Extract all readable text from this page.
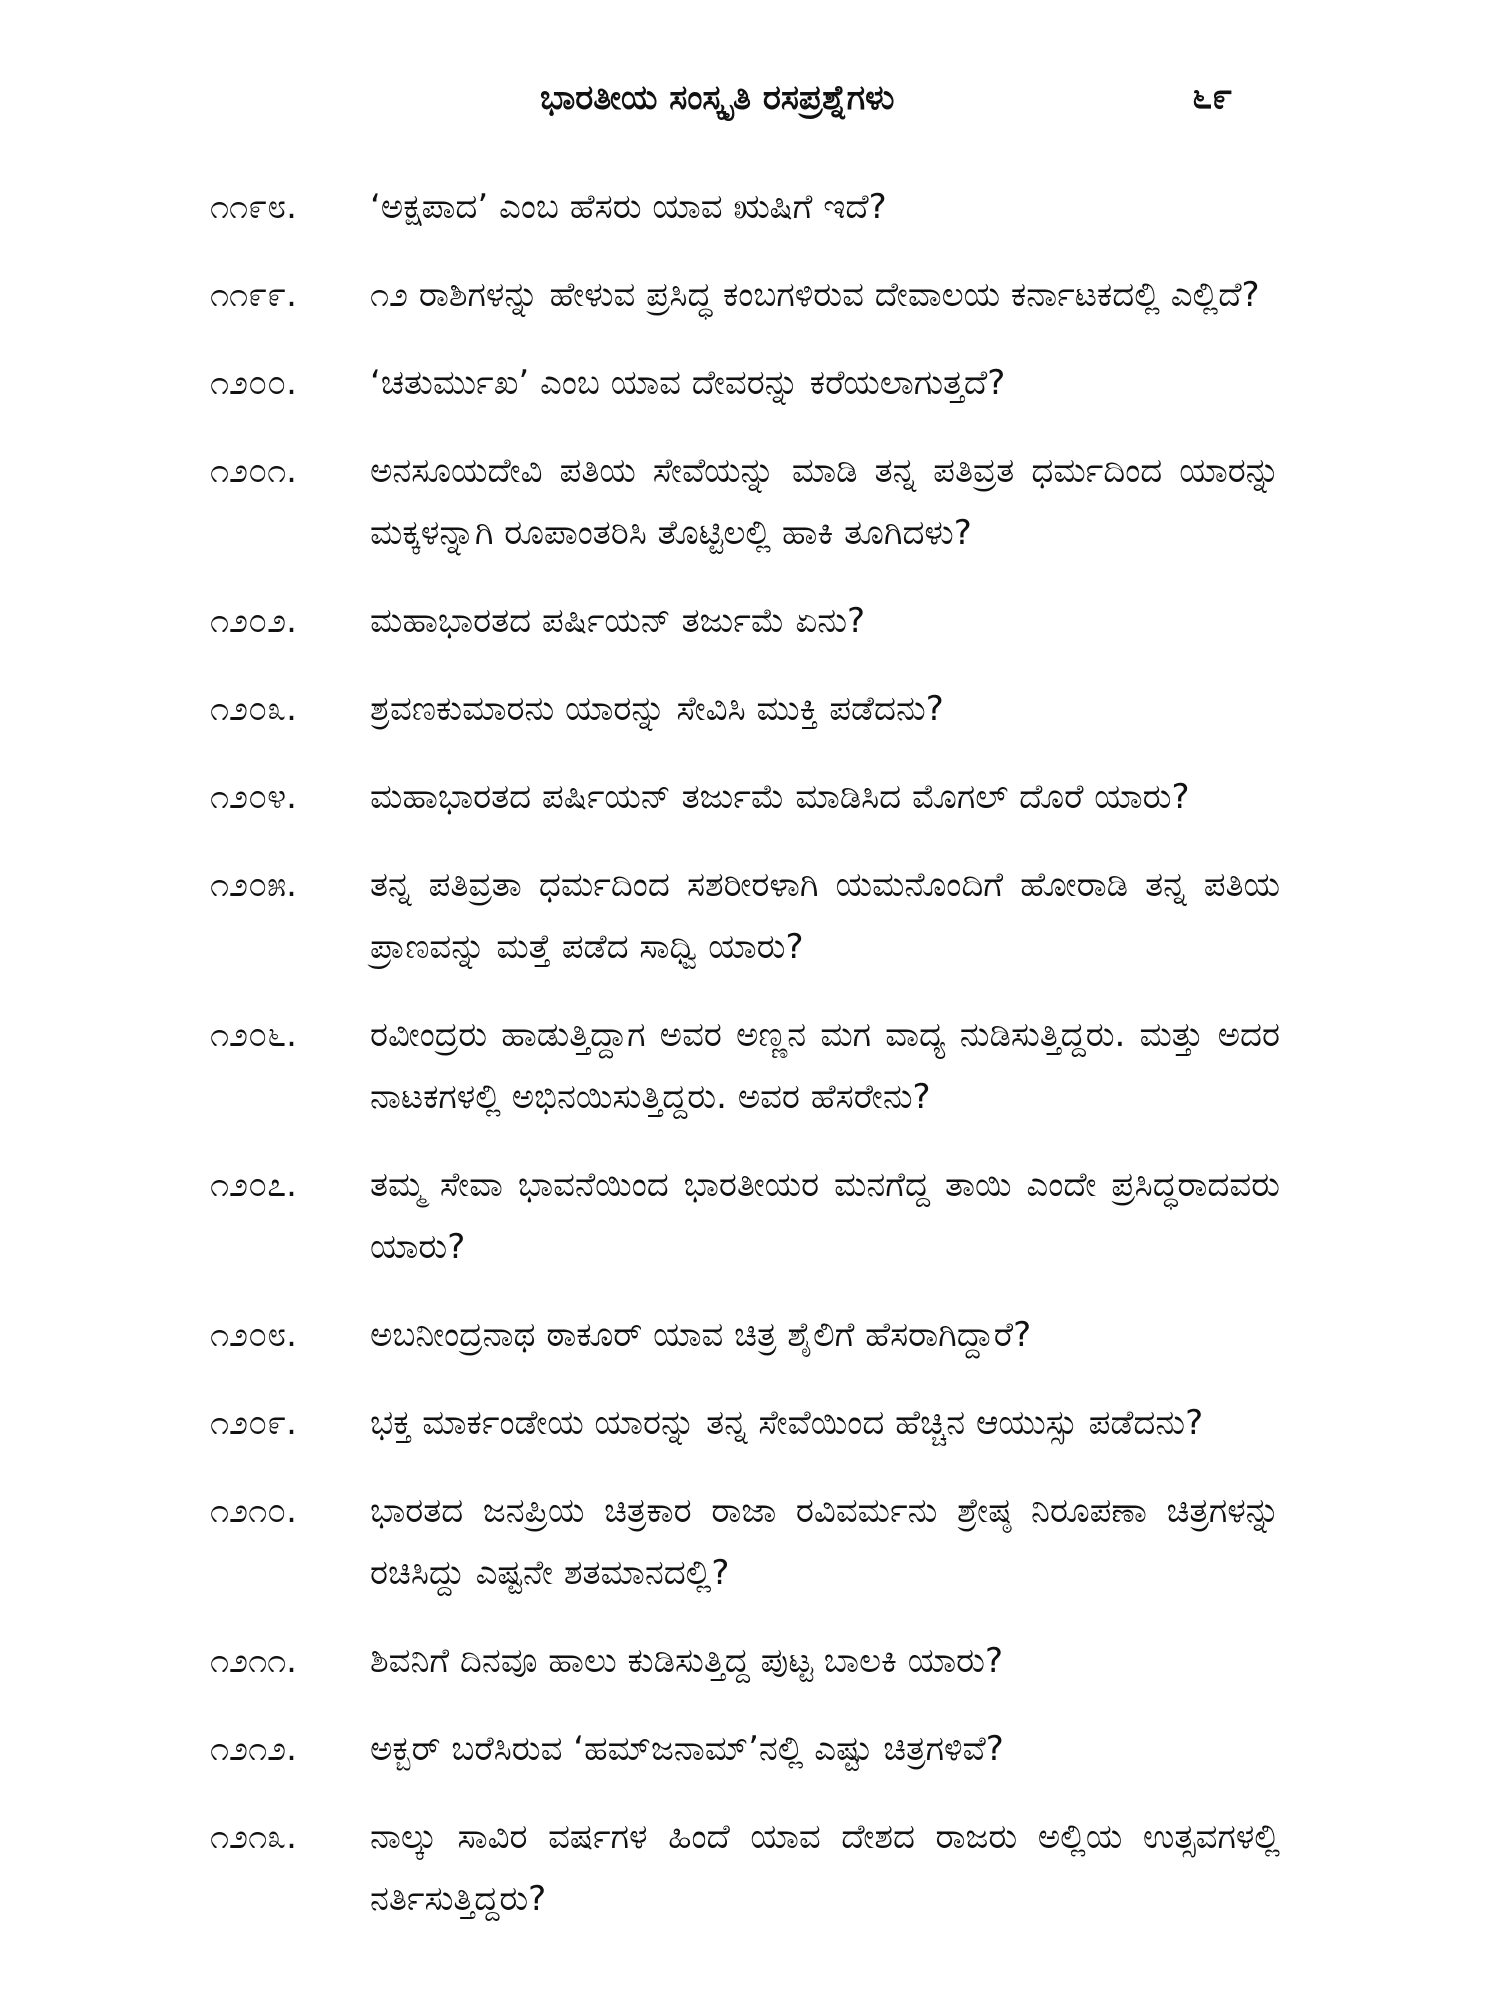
ಭಾರತೀಯ ಸಂಸ್ಕೃತಿ ರಸಪ್ರಶ್ನೆಗಳು	೬೯
೧೧೯೮.	‘ಅಕ್ಷಪಾದ’ ಎಂಬ ಹೆಸರು ಯಾವ ಋಷಿಗೆ ಇದೆ?
೧೧೯೯.	೧೨ ರಾಶಿಗಳನ್ನು ಹೇಳುವ ಪ್ರಸಿದ್ಧ ಕಂಬಗಳಿರುವ ದೇವಾಲಯ ಕರ್ನಾಟಕದಲ್ಲಿ ಎಲ್ಲಿದೆ?
೧೨೦೦.	‘ಚತುರ್ಮುಖ’ ಎಂಬ ಯಾವ ದೇವರನ್ನು ಕರೆಯಲಾಗುತ್ತದೆ?
೧೨೦೧.	ಅನಸೂಯದೇವಿ ಪತಿಯ ಸೇವೆಯನ್ನು ಮಾಡಿ ತನ್ನ ಪತಿವ್ರತ ಧರ್ಮದಿಂದ ಯಾರನ್ನು ಮಕ್ಕಳನ್ನಾಗಿ ರೂಪಾಂತರಿಸಿ ತೊಟ್ಟಿಲಲ್ಲಿ ಹಾಕಿ ತೂಗಿದಳು?
೧೨೦೨.	ಮಹಾಭಾರತದ ಪರ್ಷಿಯನ್ ತರ್ಜುಮೆ ಏನು?
೧೨೦೩.	ಶ್ರವಣಕುಮಾರನು ಯಾರನ್ನು ಸೇವಿಸಿ ಮುಕ್ತಿ ಪಡೆದನು?
೧೨೦೪.	ಮಹಾಭಾರತದ ಪರ್ಷಿಯನ್ ತರ್ಜುಮೆ ಮಾಡಿಸಿದ ಮೊಗಲ್ ದೊರೆ ಯಾರು?
೧೨೦೫.	ತನ್ನ ಪತಿವ್ರತಾ ಧರ್ಮದಿಂದ ಸಶರೀರಳಾಗಿ ಯಮನೊಂದಿಗೆ ಹೋರಾಡಿ ತನ್ನ ಪತಿಯ ಪ್ರಾಣವನ್ನು ಮತ್ತೆ ಪಡೆದ ಸಾಧ್ವಿ ಯಾರು?
೧೨೦೬.	ರವೀಂದ್ರರು ಹಾಡುತ್ತಿದ್ದಾಗ ಅವರ ಅಣ್ಣನ ಮಗ ವಾದ್ಯ ನುಡಿಸುತ್ತಿದ್ದರು. ಮತ್ತು ಅದರ ನಾಟಕಗಳಲ್ಲಿ ಅಭಿನಯಿಸುತ್ತಿದ್ದರು. ಅವರ ಹೆಸರೇನು?
೧೨೦೭.	ತಮ್ಮ ಸೇವಾ ಭಾವನೆಯಿಂದ ಭಾರತೀಯರ ಮನಗೆದ್ದ ತಾಯಿ ಎಂದೇ ಪ್ರಸಿದ್ಧರಾದವರು ಯಾರು?
೧೨೦೮.	ಅಬನೀಂದ್ರನಾಥ ಠಾಕೂರ್ ಯಾವ ಚಿತ್ರ ಶೈಲಿಗೆ ಹೆಸರಾಗಿದ್ದಾರೆ?
೧೨೦೯.	ಭಕ್ತ ಮಾರ್ಕಂಡೇಯ ಯಾರನ್ನು ತನ್ನ ಸೇವೆಯಿಂದ ಹೆಚ್ಚಿನ ಆಯುಸ್ಸು ಪಡೆದನು?
೧೨೧೦.	ಭಾರತದ ಜನಪ್ರಿಯ ಚಿತ್ರಕಾರ ರಾಜಾ ರವಿವರ್ಮನು ಶ್ರೇಷ್ಠ ನಿರೂಪಣಾ ಚಿತ್ರಗಳನ್ನು ರಚಿಸಿದ್ದು ಎಷ್ಟನೇ ಶತಮಾನದಲ್ಲಿ?
೧೨೧೧.	ಶಿವನಿಗೆ ದಿನವೂ ಹಾಲು ಕುಡಿಸುತ್ತಿದ್ದ ಪುಟ್ಟ ಬಾಲಕಿ ಯಾರು?
೧೨೧೨.	ಅಕ್ಬರ್ ಬರೆಸಿರುವ ‘ಹಮ್‌ಜನಾಮ್’ನಲ್ಲಿ ಎಷ್ಟು ಚಿತ್ರಗಳಿವೆ?
೧೨೧೩.	ನಾಲ್ಕು ಸಾವಿರ ವರ್ಷಗಳ ಹಿಂದೆ ಯಾವ ದೇಶದ ರಾಜರು ಅಲ್ಲಿಯ ಉತ್ಸವಗಳಲ್ಲಿ ನರ್ತಿಸುತ್ತಿದ್ದರು?
